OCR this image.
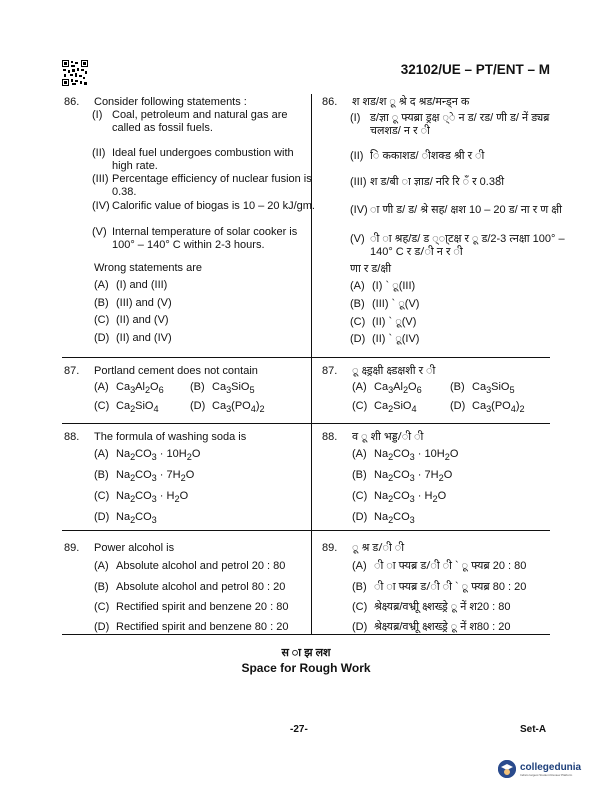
32102/UE – PT/ENT – M
86.	Consider following statements :
(I) Coal, petroleum and natural gas are called as fossil fuels.
(II) Ideal fuel undergoes combustion with high rate.
(III) Percentage efficiency of nuclear fusion is 0.38.
(IV) Calorific value of biogas is 10 – 20 kJ/gm.
(V) Internal temperature of solar cooker is 100° – 140° C within 2-3 hours.
Wrong statements are
(A) (I) and (III)
(B) (III) and (V)
(C) (II) and (V)
(D) (II) and (IV)
87.	Portland cement does not contain
(A) $Ca_3Al_2O_6$ (B) $Ca_3SiO_5$
(C) $Ca_2SiO_4$	(D) $Ca_3(PO_4)_2$
88.	The formula of washing soda is
(A) $Na_2CO_3 \cdot 10H_2O$
(B) $Na_2CO_3 \cdot 7H_2O$
(C) $Na_2CO_3 \cdot H_2O$
(D) $Na_2CO_3$
89.	Power alcohol is
(A) Absolute alcohol and petrol 20 : 80
(B) Absolute alcohol and petrol 80 : 20
(C) Rectified spirit and benzene 20 : 80
(D) Rectified spirit and benzene 80 : 20
86.	श शड/श ू श्रे द श्रड/मन्ड्न क
(I) ड/ज्ञा ू फ्यब्रा ड्रक्ष ्े न ड/ रड/ णी ड/ नें ड्यब्र चलशड/ न र ी
(II) ि ककाशड/ ीशक्ड श्री र ी
(III) श ड/बी ा ज्ञाड/ नरि रि ँ र 0.38ी
(IV) ा णी ड/ ड/ श्रे सह/ क्षश 10 – 20 ड/ ना र ण क्षी
(V) ी ा श्रह/ड/ ड ्ा्टक्ष र ू ड/2-3 त्नक्षा 100° – 140° C र ड/ी न र ी
णा र ड/क्षी
(A) (I) ` ू(III)
(B) (III) ` ू(V)
(C) (II) ` ू(V)
(D) (II) ` ू(IV)
87.	ू क्ष्ड्रक्षी क्ष्डक्षशी र ी
(A) $Ca_3Al_2O_6$	(B) $Ca_3SiO_5$
(C) $Ca_2SiO_4$	(D) $Ca_3(PO_4)_2$
88.	व ू शी भड्ड/ी ी
(A) $Na_2CO_3 \cdot 10H_2O$
(B) $Na_2CO_3 \cdot 7H_2O$
(C) $Na_2CO_3 \cdot H_2O$
(D) $Na_2CO_3$
89.	ू श्र ड/ी ी
(A) ी ा फ्यब्र ड/ी ी ` ू फ्यब्र 20 : 80
(B) ी ा फ्यब्र ड/ी ी ` ू फ्यब्र 80 : 20
(C) श्रेक्ष्यब्र/वभ्रीू क्ष्शख्ड्रे ू नें श20 : 80
(D) श्रेक्ष्यब्र/वभ्रीू क्ष्शख्ड्रे ू नें श80 : 20
स ा झ लश
Space for Rough Work
-27-	Set-A
collegedunia
India's largest Student Review Platform
